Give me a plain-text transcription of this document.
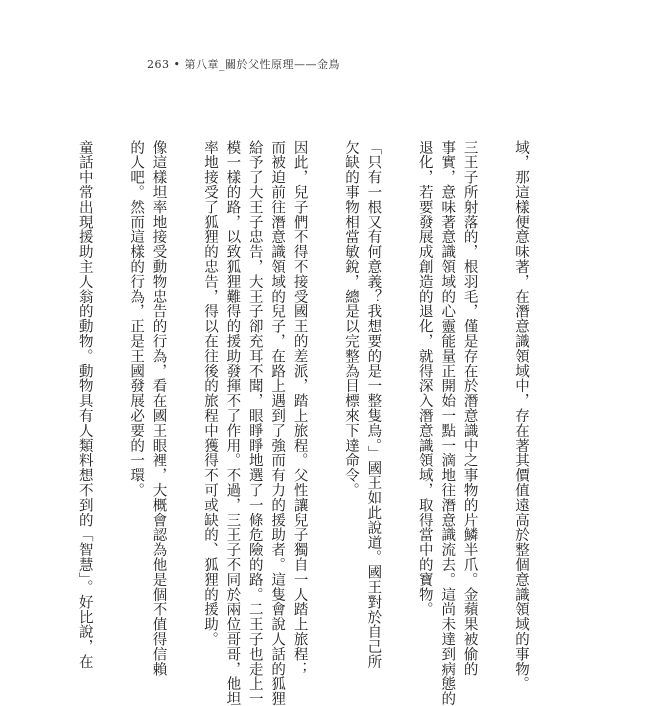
263 • 第八章_關於父性原理——金鳥

域，那這樣便意味著，在潛意識領域中，存在著其價值遠高於整個意識領域的事物。

三王子所射落的，根羽毛，僅是存在於潛意識中之事物的片鱗半爪。金蘋果被偷的

事實，意味著意識領域的心靈能量正開始一點一滴地往潛意識流去。這尚未達到病態的

退化，若要發展成創造的退化，就得深入潛意識領域，取得當中的寶物。

「只有一根又有何意義？我想要的是一整隻鳥。」國王如此說道。國王對於自己所

欠缺的事物相當敏銳，總是以完整為目標來下達命令。

因此，兒子們不得不接受國王的差派，踏上旅程。父性讓兒子獨自一人踏上旅程；

而被迫前往潛意識領域的兒子，在路上遇到了強而有力的援助者。這隻會說人話的狐狸

給予了大王子忠告，大王子卻充耳不聞，眼睜睜地選了一條危險的路。二王子也走上一

模一樣的路，以致狐狸難得的援助發揮不了作用。不過，三王子不同於兩位哥哥，他坦

率地接受了狐狸的忠告，得以在往後的旅程中獲得不可或缺的、狐狸的援助。

像這樣坦率地接受動物忠告的行為，看在國王眼裡，大概會認為他是個不值得信賴

的人吧。然而這樣的行為，正是王國發展必要的一環。

童話中常出現援助主人翁的動物。動物具有人類料想不到的「智慧」。好比說，在
